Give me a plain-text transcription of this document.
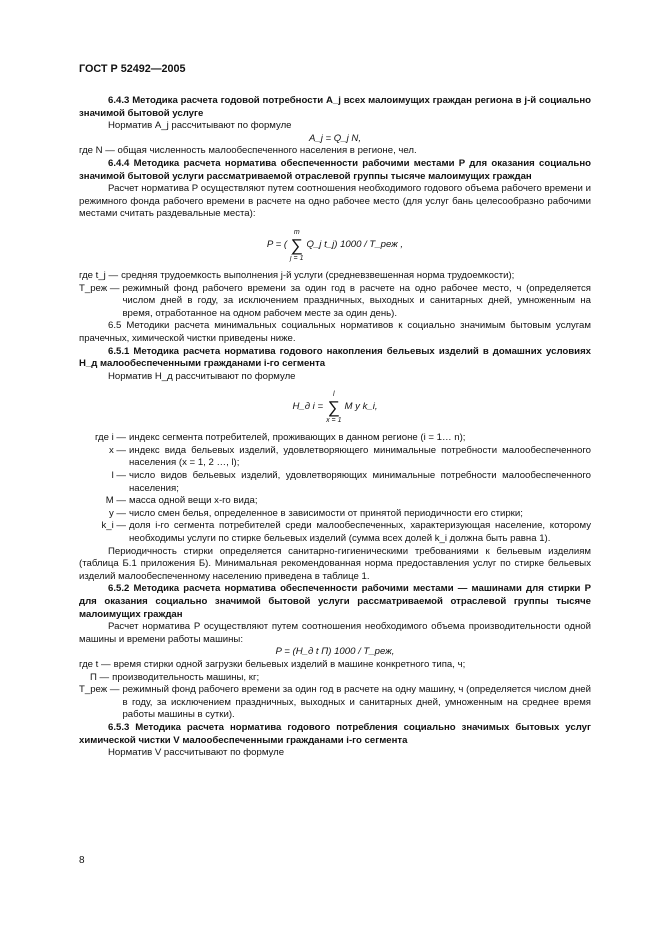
ГОСТ Р 52492—2005

6.4.3 Методика расчета годовой потребности A_j всех малоимущих граждан региона в j-й социально значимой бытовой услуге

Норматив A_j рассчитывают по формуле

A_j = Q_j N,

где N — общая численность малообеспеченного населения в регионе, чел.

6.4.4 Методика расчета норматива обеспеченности рабочими местами P для оказания социально значимой бытовой услуги рассматриваемой отраслевой группы тысяче малоимущих граждан

Расчет норматива P осуществляют путем соотношения необходимого годового объема рабочего времени и режимного фонда рабочего времени в расчете на одно рабочее место (для услуг бань целесообразно рабочими местами считать раздевальные места):

P = (
m
∑
j = 1
Q_j t_j) 1000 / T_реж ,
где t_j — средняя трудоемкость выполнения j-й услуги (средневзвешенная норма трудоемкости);
T_реж — режимный фонд рабочего времени за один год в расчете на одно рабочее место, ч (определяется числом дней в году, за исключением праздничных, выходных и санитарных дней, умноженным на время, отработанное на одном рабочем месте за один день).

6.5 Методики расчета минимальных социальных нормативов к социально значимым бытовым услугам прачечных, химической чистки приведены ниже.

6.5.1 Методика расчета норматива годового накопления бельевых изделий в домашних условиях H_д малообеспеченными гражданами i-го сегмента

Норматив H_д рассчитывают по формуле

H_д i =
l
∑
x = 1
M y k_i,
где i — индекс сегмента потребителей, проживающих в данном регионе (i = 1… n);
x — индекс вида бельевых изделий, удовлетворяющего минимальные потребности малообеспеченного населения (x = 1, 2 …, l);
l — число видов бельевых изделий, удовлетворяющих минимальные потребности малообеспеченного населения;
M — масса одной вещи x-го вида;
y — число смен белья, определенное в зависимости от принятой периодичности его стирки;
k_i — доля i-го сегмента потребителей среди малообеспеченных, характеризующая население, которому необходимы услуги по стирке бельевых изделий (сумма всех долей k_i должна быть равна 1).

Периодичность стирки определяется санитарно-гигиеническими требованиями к бельевым изделиям (таблица Б.1 приложения Б). Минимальная рекомендованная норма предоставления услуг по стирке бельевых изделий малообеспеченному населению приведена в таблице 1.

6.5.2 Методика расчета норматива обеспеченности рабочими местами — машинами для стирки P для оказания социально значимой бытовой услуги рассматриваемой отраслевой группы тысяче малоимущих граждан

Расчет норматива P осуществляют путем соотношения необходимого объема производительности одной машины и времени работы машины:

P = (H_д t П) 1000 / T_реж,

где t — время стирки одной загрузки бельевых изделий в машине конкретного типа, ч;
П — производительность машины, кг;
T_реж — режимный фонд рабочего времени за один год в расчете на одну машину, ч (определяется числом дней в году, за исключением праздничных, выходных и санитарных дней, умноженным на среднее время работы машины в сутки).

6.5.3 Методика расчета норматива годового потребления социально значимых бытовых услуг химической чистки V малообеспеченными гражданами i-го сегмента

Норматив V рассчитывают по формуле

8
